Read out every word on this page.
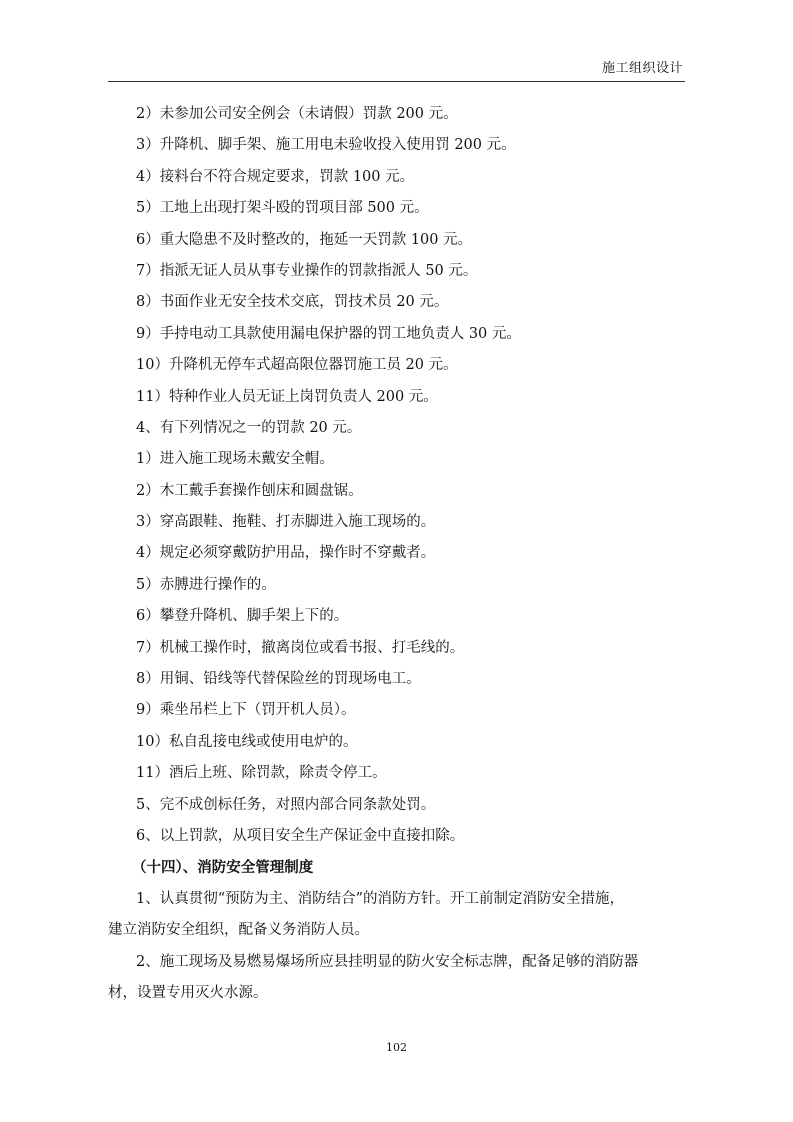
施工组织设计
2）未参加公司安全例会（未请假）罚款 200 元。
3）升降机、脚手架、施工用电未验收投入使用罚 200 元。
4）接料台不符合规定要求，罚款 100 元。
5）工地上出现打架斗殴的罚项目部 500 元。
6）重大隐患不及时整改的，拖延一天罚款 100 元。
7）指派无证人员从事专业操作的罚款指派人 50 元。
8）书面作业无安全技术交底，罚技术员 20 元。
9）手持电动工具款使用漏电保护器的罚工地负责人 30 元。
10）升降机无停车式超高限位器罚施工员 20 元。
11）特种作业人员无证上岗罚负责人 200 元。
4、有下列情况之一的罚款 20 元。
1）进入施工现场未戴安全帽。
2）木工戴手套操作刨床和圆盘锯。
3）穿高跟鞋、拖鞋、打赤脚进入施工现场的。
4）规定必须穿戴防护用品，操作时不穿戴者。
5）赤膊进行操作的。
6）攀登升降机、脚手架上下的。
7）机械工操作时，撤离岗位或看书报、打毛线的。
8）用铜、铅线等代替保险丝的罚现场电工。
9）乘坐吊栏上下（罚开机人员）。
10）私自乱接电线或使用电炉的。
11）酒后上班、除罚款，除责令停工。
5、完不成创标任务，对照内部合同条款处罚。
6、以上罚款，从项目安全生产保证金中直接扣除。
（十四）、消防安全管理制度
1、认真贯彻“预防为主、消防结合”的消防方针。开工前制定消防安全措施，
建立消防安全组织，配备义务消防人员。
2、施工现场及易燃易爆场所应县挂明显的防火安全标志牌，配备足够的消防器
材，设置专用灭火水源。
102
